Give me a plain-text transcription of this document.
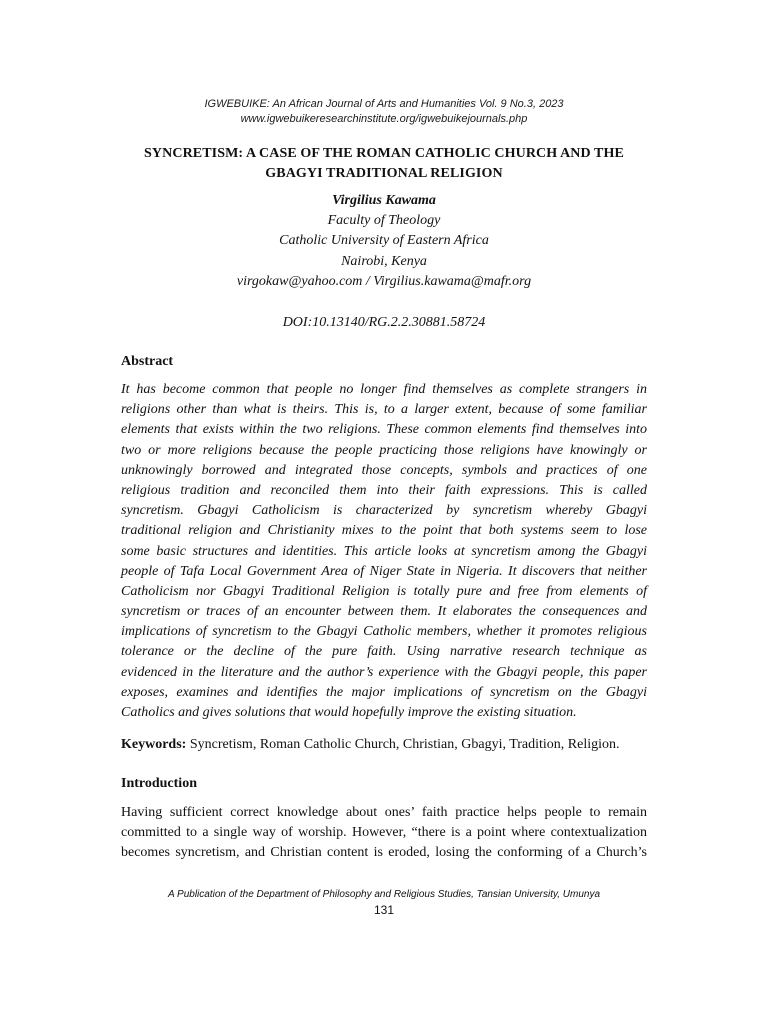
IGWEBUIKE: An African Journal of Arts and Humanities Vol. 9 No.3, 2023
www.igwebuikeresearchinstitute.org/igwebuikejournals.php
SYNCRETISM: A CASE OF THE ROMAN CATHOLIC CHURCH AND THE
GBAGYI TRADITIONAL RELIGION
Virgilius Kawama
Faculty of Theology
Catholic University of Eastern Africa
Nairobi, Kenya
virgokaw@yahoo.com / Virgilius.kawama@mafr.org
DOI:10.13140/RG.2.2.30881.58724
Abstract
It has become common that people no longer find themselves as complete strangers in
religions other than what is theirs. This is, to a larger extent, because of some familiar
elements that exists within the two religions. These common elements find themselves into
two or more religions because the people practicing those religions have knowingly or
unknowingly borrowed and integrated those concepts, symbols and practices of one
religious tradition and reconciled them into their faith expressions. This is called
syncretism. Gbagyi Catholicism is characterized by syncretism whereby Gbagyi
traditional religion and Christianity mixes to the point that both systems seem to lose
some basic structures and identities. This article looks at syncretism among the Gbagyi
people of Tafa Local Government Area of Niger State in Nigeria. It discovers that neither
Catholicism nor Gbagyi Traditional Religion is totally pure and free from elements of
syncretism or traces of an encounter between them. It elaborates the consequences and
implications of syncretism to the Gbagyi Catholic members, whether it promotes religious
tolerance or the decline of the pure faith. Using narrative research technique as
evidenced in the literature and the author’s experience with the Gbagyi people, this paper
exposes, examines and identifies the major implications of syncretism on the Gbagyi
Catholics and gives solutions that would hopefully improve the existing situation.
Keywords: Syncretism, Roman Catholic Church, Christian, Gbagyi, Tradition, Religion.
Introduction
Having sufficient correct knowledge about ones’ faith practice helps people to remain
committed to a single way of worship. However, “there is a point where contextualization
becomes syncretism, and Christian content is eroded, losing the conforming of a Church’s
A Publication of the Department of Philosophy and Religious Studies, Tansian University, Umunya
131
